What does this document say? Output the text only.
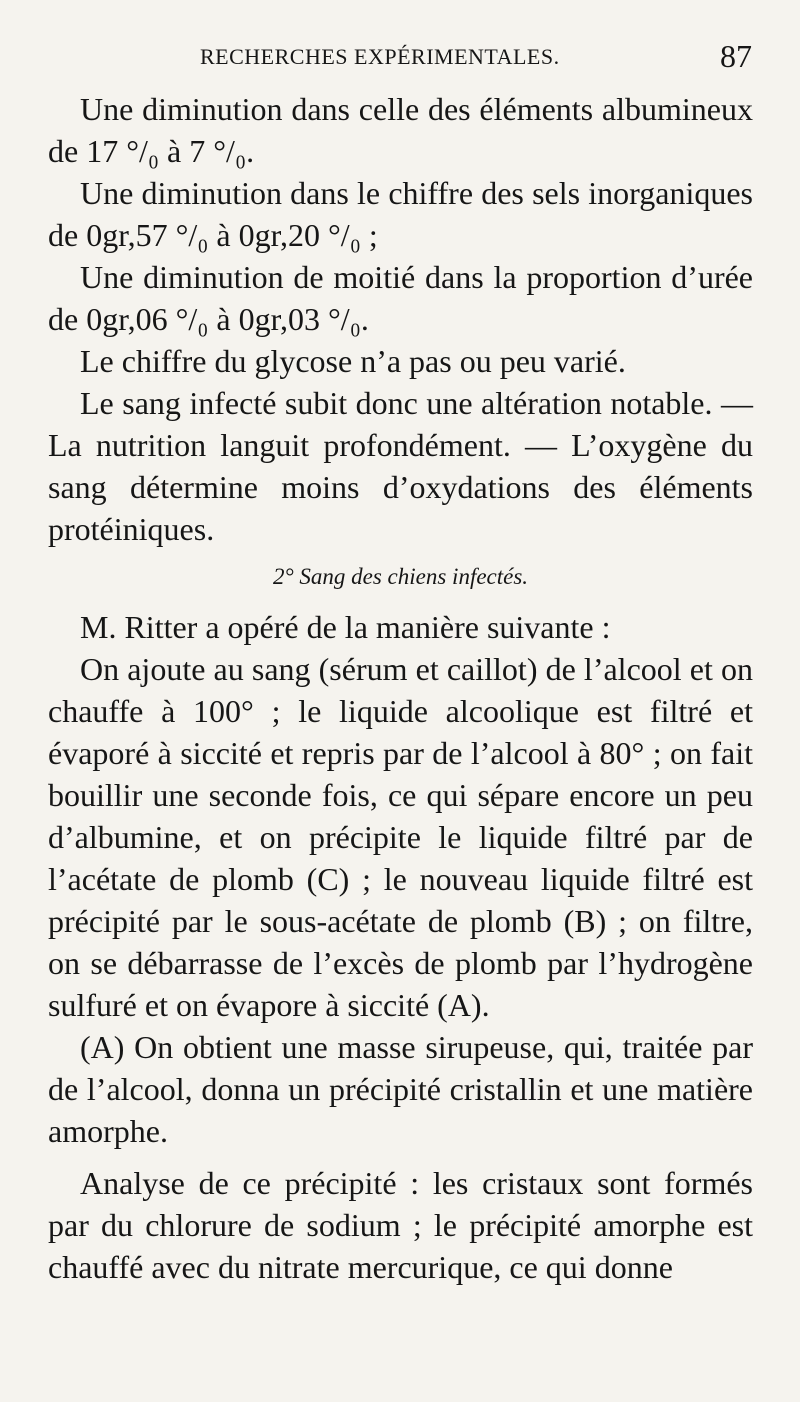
RECHERCHES EXPÉRIMENTALES.	87

Une diminution dans celle des éléments albumineux de 17 °/₀ à 7 °/₀.

Une diminution dans le chiffre des sels inorganiques de 0gr,57 °/₀ à 0gr,20 °/₀ ;

Une diminution de moitié dans la proportion d’urée de 0gr,06 °/₀ à 0gr,03 °/₀.

Le chiffre du glycose n’a pas ou peu varié.

Le sang infecté subit donc une altération notable. — La nutrition languit profondément. — L’oxygène du sang détermine moins d’oxydations des éléments protéiniques.

2° Sang des chiens infectés.

M. Ritter a opéré de la manière suivante :

On ajoute au sang (sérum et caillot) de l’alcool et on chauffe à 100° ; le liquide alcoolique est filtré et évaporé à siccité et repris par de l’alcool à 80° ; on fait bouillir une seconde fois, ce qui sépare encore un peu d’albumine, et on précipite le liquide filtré par de l’acétate de plomb (C) ; le nouveau liquide filtré est précipité par le sous-acétate de plomb (B) ; on filtre, on se débarrasse de l’excès de plomb par l’hydrogène sulfuré et on évapore à siccité (A).

(A) On obtient une masse sirupeuse, qui, traitée par de l’alcool, donna un précipité cristallin et une matière amorphe.

Analyse de ce précipité : les cristaux sont formés par du chlorure de sodium ; le précipité amorphe est chauffé avec du nitrate mercurique, ce qui donne
